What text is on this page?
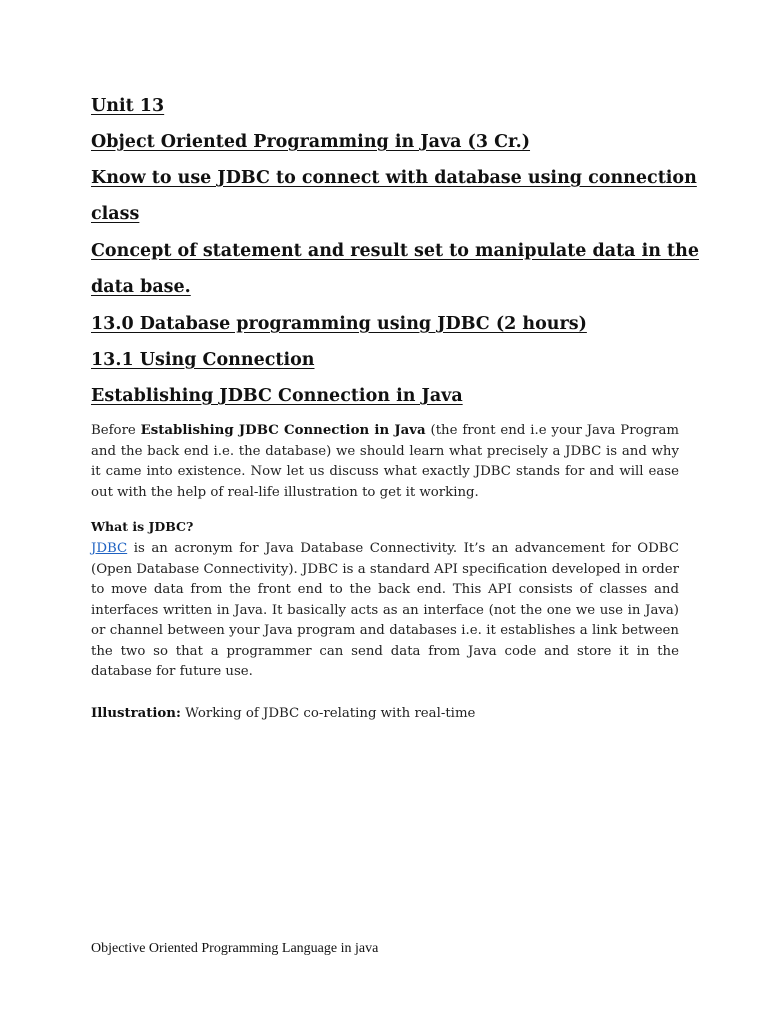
Unit 13
Object Oriented Programming in Java (3 Cr.)
Know to use JDBC to connect with database using connection
class
Concept of statement and result set to manipulate data in the
data base.
13.0 Database programming using JDBC (2 hours)
13.1 Using Connection
Establishing JDBC Connection in Java
Before Establishing JDBC Connection in Java (the front end i.e your Java Program and the back end i.e. the database) we should learn what precisely a JDBC is and why it came into existence. Now let us discuss what exactly JDBC stands for and will ease out with the help of real-life illustration to get it working.
What is JDBC?
JDBC is an acronym for Java Database Connectivity. It’s an advancement for ODBC (Open Database Connectivity). JDBC is a standard API specification developed in order to move data from the front end to the back end. This API consists of classes and interfaces written in Java. It basically acts as an interface (not the one we use in Java) or channel between your Java program and databases i.e. it establishes a link between the two so that a programmer can send data from Java code and store it in the database for future use.
Illustration: Working of JDBC co-relating with real-time
Objective Oriented Programming Language in java
